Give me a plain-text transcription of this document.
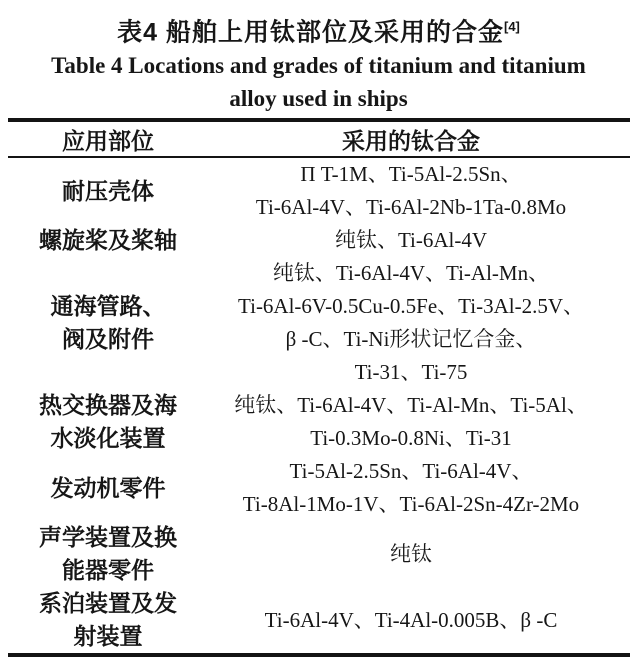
表4 船舶上用钛部位及采用的合金[4]
Table 4 Locations and grades of titanium and titanium
alloy used in ships
应用部位	采用的钛合金
耐压壳体
Π T-1M、Ti-5Al-2.5Sn、
Ti-6Al-4V、Ti-6Al-2Nb-1Ta-0.8Mo
螺旋桨及桨轴	纯钛、Ti-6Al-4V
通海管路、
阀及附件
纯钛、Ti-6Al-4V、Ti-Al-Mn、
Ti-6Al-6V-0.5Cu-0.5Fe、Ti-3Al-2.5V、
β -C、Ti-Ni形状记忆合金、
Ti-31、Ti-75
热交换器及海
水淡化装置
纯钛、Ti-6Al-4V、Ti-Al-Mn、Ti-5Al、
Ti-0.3Mo-0.8Ni、Ti-31
发动机零件
Ti-5Al-2.5Sn、Ti-6Al-4V、
Ti-8Al-1Mo-1V、Ti-6Al-2Sn-4Zr-2Mo
声学装置及换
能器零件
纯钛
系泊装置及发
射装置
Ti-6Al-4V、Ti-4Al-0.005B、β -C
